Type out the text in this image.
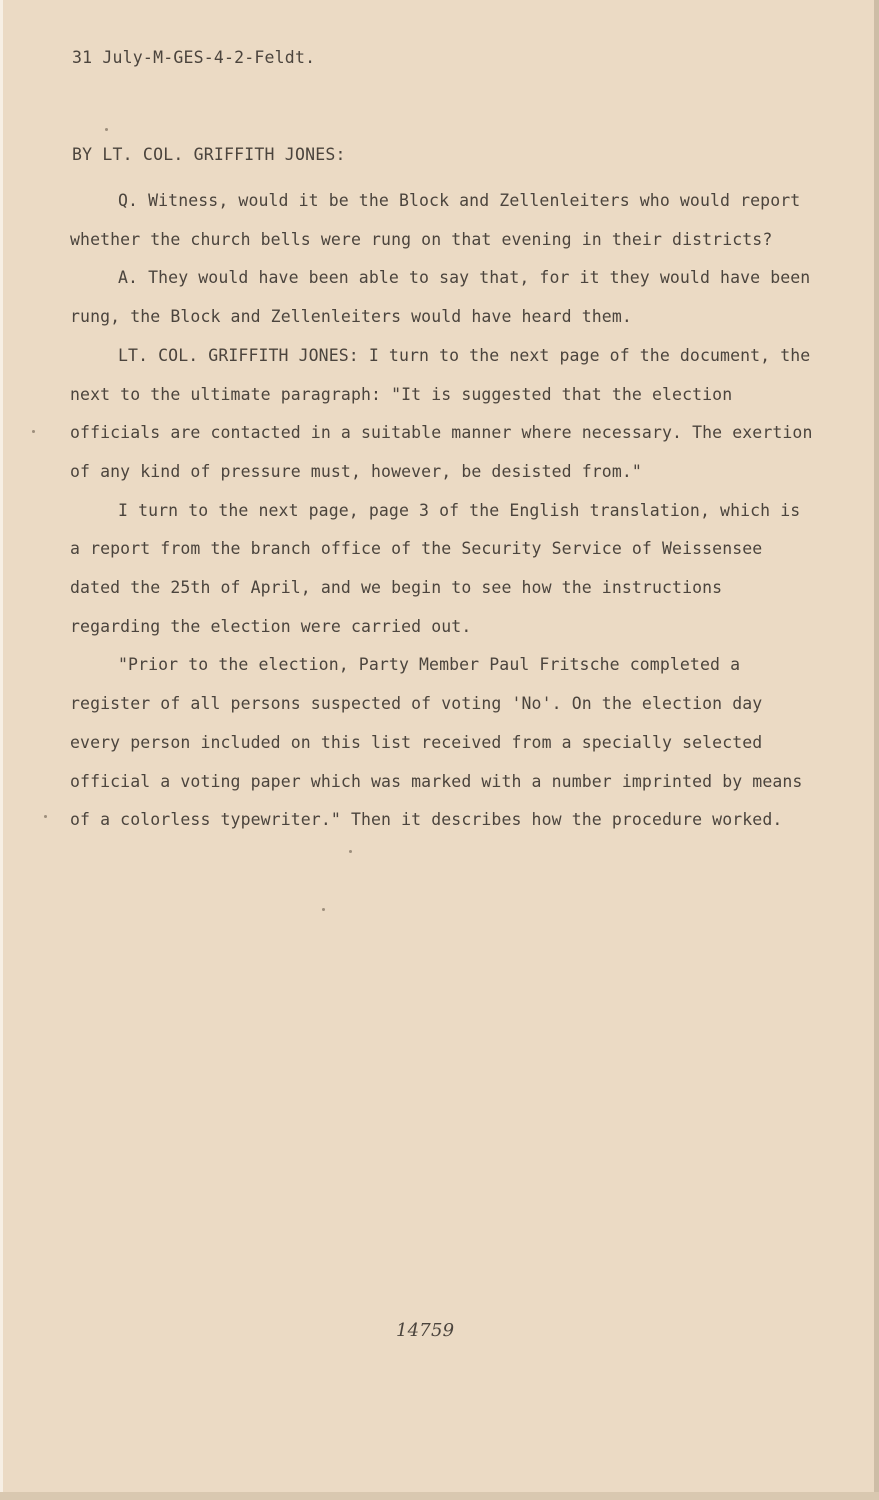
31 July-M-GES-4-2-Feldt.
BY LT. COL. GRIFFITH JONES:

Q. Witness, would it be the Block and Zellenleiters who would report whether the church bells were rung on that evening in their districts?

A. They would have been able to say that, for it they would have been rung, the Block and Zellenleiters would have heard them.

LT. COL. GRIFFITH JONES: I turn to the next page of the document, the next to the ultimate paragraph: "It is suggested that the election officials are contacted in a suitable manner where necessary. The exertion of any kind of pressure must, however, be desisted from."

I turn to the next page, page 3 of the English translation, which is a report from the branch office of the Security Service of Weissensee dated the 25th of April, and we begin to see how the instructions regarding the election were carried out.

"Prior to the election, Party Member Paul Fritsche completed a register of all persons suspected of voting 'No'. On the election day every person included on this list received from a specially selected official a voting paper which was marked with a number imprinted by means of a colorless typewriter." Then it describes how the procedure worked.

14759
